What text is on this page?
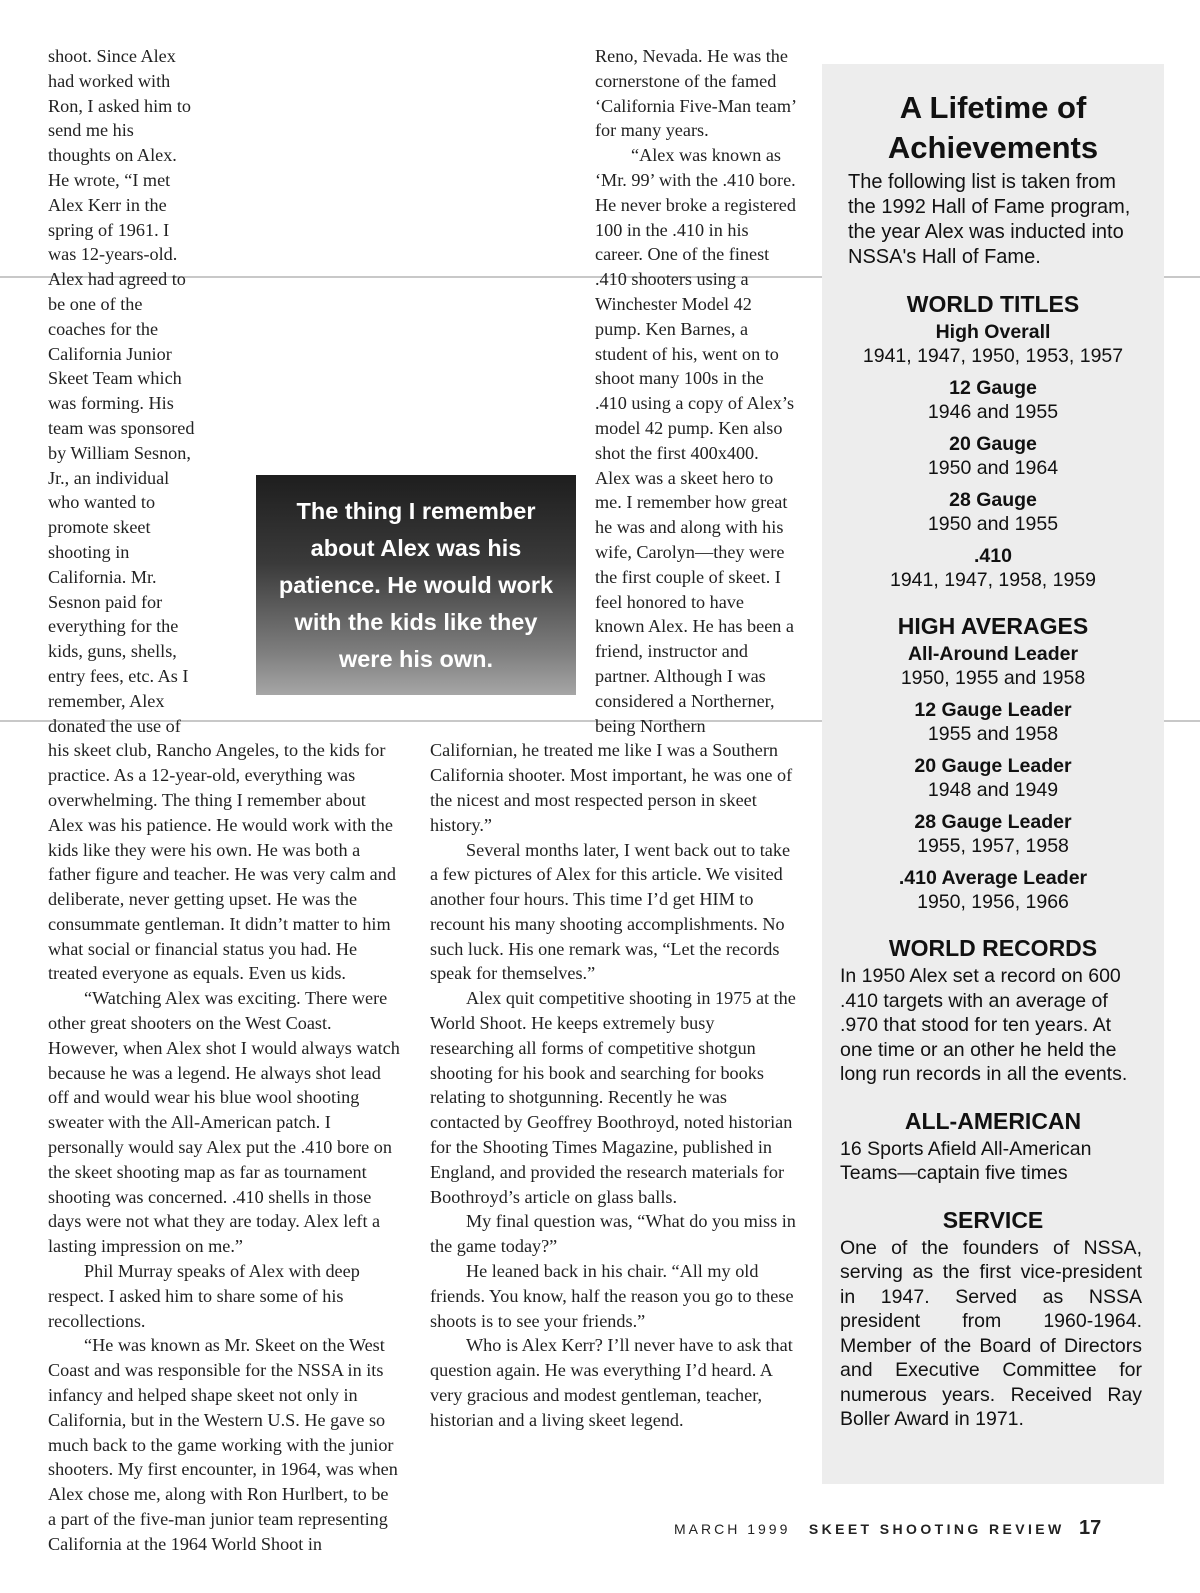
shoot. Since Alex had worked with Ron, I asked him to send me his thoughts on Alex. He wrote, “I met Alex Kerr in the spring of 1961. I was 12-years-old. Alex had agreed to be one of the coaches for the California Junior Skeet Team which was forming. His team was sponsored by William Sesnon, Jr., an individual who wanted to promote skeet shooting in California. Mr. Sesnon paid for everything for the kids, guns, shells, entry fees, etc. As I remember, Alex donated the use of his skeet club, Rancho Angeles, to the kids for practice. As a 12-year-old, everything was overwhelming. The thing I remember about Alex was his patience. He would work with the kids like they were his own. He was both a father figure and teacher. He was very calm and deliberate, never getting upset. He was the consummate gentleman. It didn’t matter to him what social or financial status you had. He treated everyone as equals. Even us kids.

“Watching Alex was exciting. There were other great shooters on the West Coast. However, when Alex shot I would always watch because he was a legend. He always shot lead off and would wear his blue wool shooting sweater with the All-American patch. I personally would say Alex put the .410 bore on the skeet shooting map as far as tournament shooting was concerned. .410 shells in those days were not what they are today. Alex left a lasting impression on me.”

Phil Murray speaks of Alex with deep respect. I asked him to share some of his recollections.

“He was known as Mr. Skeet on the West Coast and was responsible for the NSSA in its infancy and helped shape skeet not only in California, but in the Western U.S. He gave so much back to the game working with the junior shooters. My first encounter, in 1964, was when Alex chose me, along with Ron Hurlbert, to be a part of the five-man junior team representing California at the 1964 World Shoot in

Reno, Nevada. He was the cornerstone of the famed ‘California Five-Man team’ for many years.

“Alex was known as ‘Mr. 99’ with the .410 bore. He never broke a registered 100 in the .410 in his career. One of the finest .410 shooters using a Winchester Model 42 pump. Ken Barnes, a student of his, went on to shoot many 100s in the .410 using a copy of Alex’s model 42 pump. Ken also shot the first 400x400. Alex was a skeet hero to me. I remember how great he was and along with his wife, Carolyn—they were the first couple of skeet. I feel honored to have known Alex. He has been a friend, instructor and partner. Although I was considered a Northerner, being Northern Californian, he treated me like I was a Southern California shooter. Most important, he was one of the nicest and most respected person in skeet history.”

Several months later, I went back out to take a few pictures of Alex for this article. We visited another four hours. This time I’d get HIM to recount his many shooting accomplishments. No such luck. His one remark was, “Let the records speak for themselves.”

Alex quit competitive shooting in 1975 at the World Shoot. He keeps extremely busy researching all forms of competitive shotgun shooting for his book and searching for books relating to shotgunning. Recently he was contacted by Geoffrey Boothroyd, noted historian for the Shooting Times Magazine, published in England, and provided the research materials for Boothroyd’s article on glass balls.

My final question was, “What do you miss in the game today?”

He leaned back in his chair. “All my old friends. You know, half the reason you go to these shoots is to see your friends.”

Who is Alex Kerr? I’ll never have to ask that question again. He was everything I’d heard. A very gracious and modest gentleman, teacher, historian and a living skeet legend.

The thing I remember about Alex was his patience. He would work with the kids like they were his own.
A Lifetime of Achievements
The following list is taken from the 1992 Hall of Fame program, the year Alex was inducted into NSSA's Hall of Fame.
WORLD TITLES
High Overall
1941, 1947, 1950, 1953, 1957
12 Gauge
1946 and 1955
20 Gauge
1950 and 1964
28 Gauge
1950 and 1955
.410
1941, 1947, 1958, 1959
HIGH AVERAGES
All-Around Leader
1950, 1955 and 1958
12 Gauge Leader
1955 and 1958
20 Gauge Leader
1948 and 1949
28 Gauge Leader
1955, 1957, 1958
.410 Average Leader
1950, 1956, 1966
WORLD RECORDS
In 1950 Alex set a record on 600 .410 targets with an average of .970 that stood for ten years. At one time or an other he held the long run records in all the events.
ALL-AMERICAN
16 Sports Afield All-American Teams—captain five times
SERVICE
One of the founders of NSSA, serving as the first vice-president in 1947. Served as NSSA president from 1960-1964. Member of the Board of Directors and Executive Committee for numerous years. Received Ray Boller Award in 1971.
MARCH 1999 SKEET SHOOTING REVIEW 17
